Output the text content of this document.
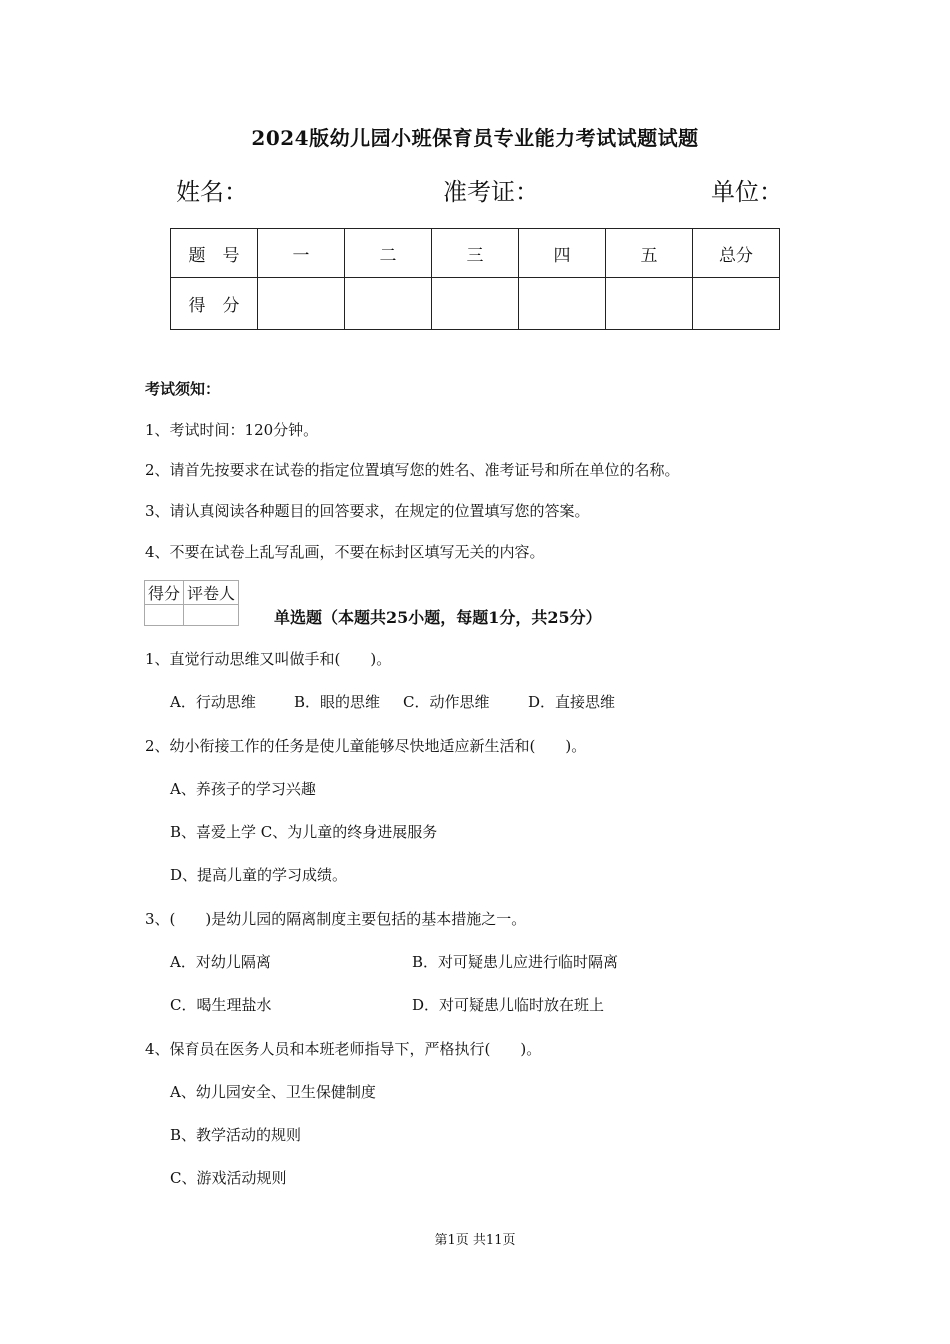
2024版幼儿园小班保育员专业能力考试试题试题
姓名：	准考证：	单位：
题　号	一	二	三	四	五	总分
得　分						
考试须知：
1、考试时间：120分钟。
2、请首先按要求在试卷的指定位置填写您的姓名、准考证号和所在单位的名称。
3、请认真阅读各种题目的回答要求，在规定的位置填写您的答案。
4、不要在试卷上乱写乱画，不要在标封区填写无关的内容。
得分	评卷人

单选题（本题共25小题，每题1分，共25分）
1、直觉行动思维又叫做手和(　　)。
A．行动思维	B．眼的思维 C．动作思维	D．直接思维
2、幼小衔接工作的任务是使儿童能够尽快地适应新生活和(　　)。
A、养孩子的学习兴趣
B、喜爱上学 C、为儿童的终身进展服务
D、提高儿童的学习成绩。
3、(　　)是幼儿园的隔离制度主要包括的基本措施之一。
A．对幼儿隔离	B．对可疑患儿应进行临时隔离
C．喝生理盐水	D．对可疑患儿临时放在班上
4、保育员在医务人员和本班老师指导下，严格执行(　　)。
A、幼儿园安全、卫生保健制度
B、教学活动的规则
C、游戏活动规则
第1页 共11页
